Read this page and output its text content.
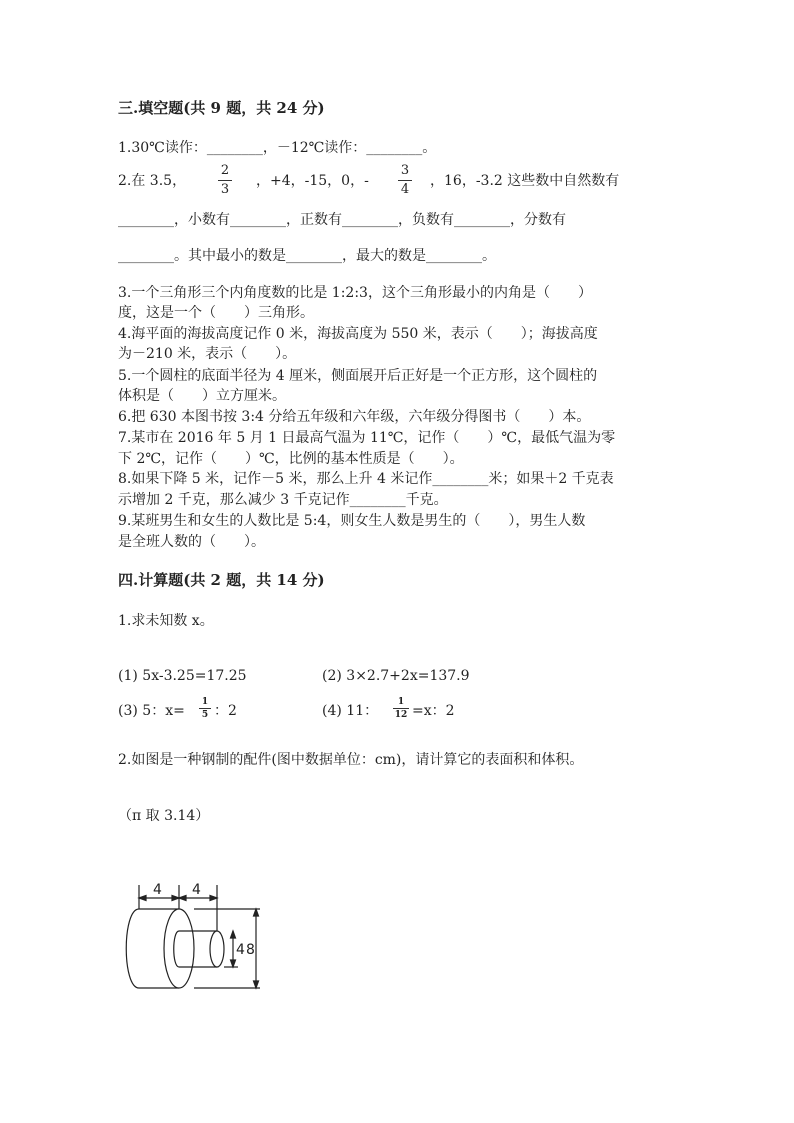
三.填空题(共 9 题，共 24 分)
1.30℃读作：________，－12℃读作：________。
2.在 3.5，
2
3
，+4，-15，0，-
3
4
，16，-3.2 这些数中自然数有
________，小数有________，正数有________，负数有________，分数有
________。其中最小的数是________，最大的数是________。
3.一个三角形三个内角度数的比是 1:2:3，这个三角形最小的内角是（　　）
度，这是一个（　　）三角形。
4.海平面的海拔高度记作 0 米，海拔高度为 550 米，表示（　　）；海拔高度
为－210 米，表示（　　）。
5.一个圆柱的底面半径为 4 厘米，侧面展开后正好是一个正方形，这个圆柱的
体积是（　　）立方厘米。
6.把 630 本图书按 3:4 分给五年级和六年级，六年级分得图书（　　）本。
7.某市在 2016 年 5 月 1 日最高气温为 11℃，记作（　　）℃，最低气温为零
下 2℃，记作（　　）℃，比例的基本性质是（　　）。
8.如果下降 5 米，记作－5 米，那么上升 4 米记作________米；如果＋2 千克表
示增加 2 千克，那么减少 3 千克记作________千克。
9.某班男生和女生的人数比是 5:4，则女生人数是男生的（　　），男生人数
是全班人数的（　　）。
四.计算题(共 2 题，共 14 分)
1.求未知数 x。
(1) 5x-3.25=17.25	(2) 3×2.7+2x=137.9
(3) 5：x=
1
5 ：2	(4) 11：
1
12 =x：2
2.如图是一种钢制的配件(图中数据单位：cm)，请计算它的表面积和体积。
（π 取 3.14）
4 4
4 8
